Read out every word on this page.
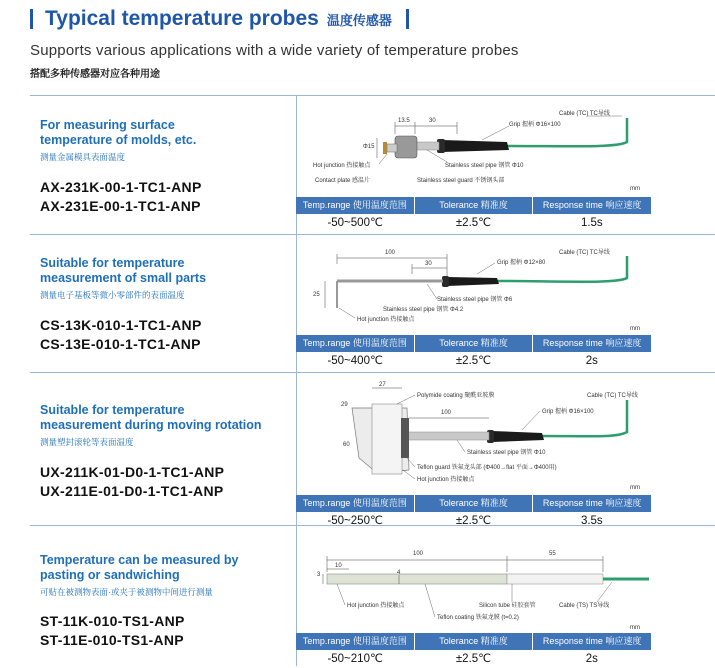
Typical temperature probes 温度传感器
Supports various applications with a wide variety of temperature probes
搭配多种传感器对应各种用途
For measuring surface
temperature of molds, etc.
测量金属模具表面温度
AX-231K-00-1-TC1-ANP
AX-231E-00-1-TC1-ANP
13.5	30
Φ15
Cable (TC) TC导线
Grip 握柄 Φ16×100
Hot junction 热接触点	Stainless steel pipe 钢管 Φ10
Contact plate 感温片	Stainless steel guard 不锈钢头部
mm
Temp.range 使用温度范围	Tolerance 精准度	Response time 响应速度
-50~500℃	±2.5℃	1.5s
Suitable for temperature
measurement of small parts
测量电子基板等微小零部件的表面温度
CS-13K-010-1-TC1-ANP
CS-13E-010-1-TC1-ANP
100
30
25
Cable (TC) TC导线
Grip 握柄 Φ12×80
Stainless steel pipe 钢管 Φ6
Stainless steel pipe 钢管 Φ4.2
Hot junction 热接触点
mm
Temp.range 使用温度范围	Tolerance 精准度	Response time 响应速度
-50~400℃	±2.5℃	2s
Suitable for temperature
measurement during moving rotation
测量塑封滚轮等表面温度
UX-211K-01-D0-1-TC1-ANP
UX-211E-01-D0-1-TC1-ANP
27
29
100
60
Polymide coating 聚酰亚胺膜	Cable (TC) TC导线
Grip 握柄 Φ16×100
Stainless steel pipe 钢管 Φ10
Teflon guard 铁氟龙头部 (Φ400→flat 平面→Φ400用)
Hot junction 热接触点
mm
Temp.range 使用温度范围	Tolerance 精准度	Response time 响应速度
-50~250℃	±2.5℃	3.5s
Temperature can be measured by
pasting or sandwiching
可贴在被测物表面·或夹于被测物中间进行测量
ST-11K-010-TS1-ANP
ST-11E-010-TS1-ANP
100	55
10
3	4
Hot junction 热接触点	Silicon tube 硅胶套管	Cable (TS) TS导线
Teflon coating 铁氟龙膜 (t=0.2)
mm
Temp.range 使用温度范围	Tolerance 精准度	Response time 响应速度
-50~210℃	±2.5℃	2s
